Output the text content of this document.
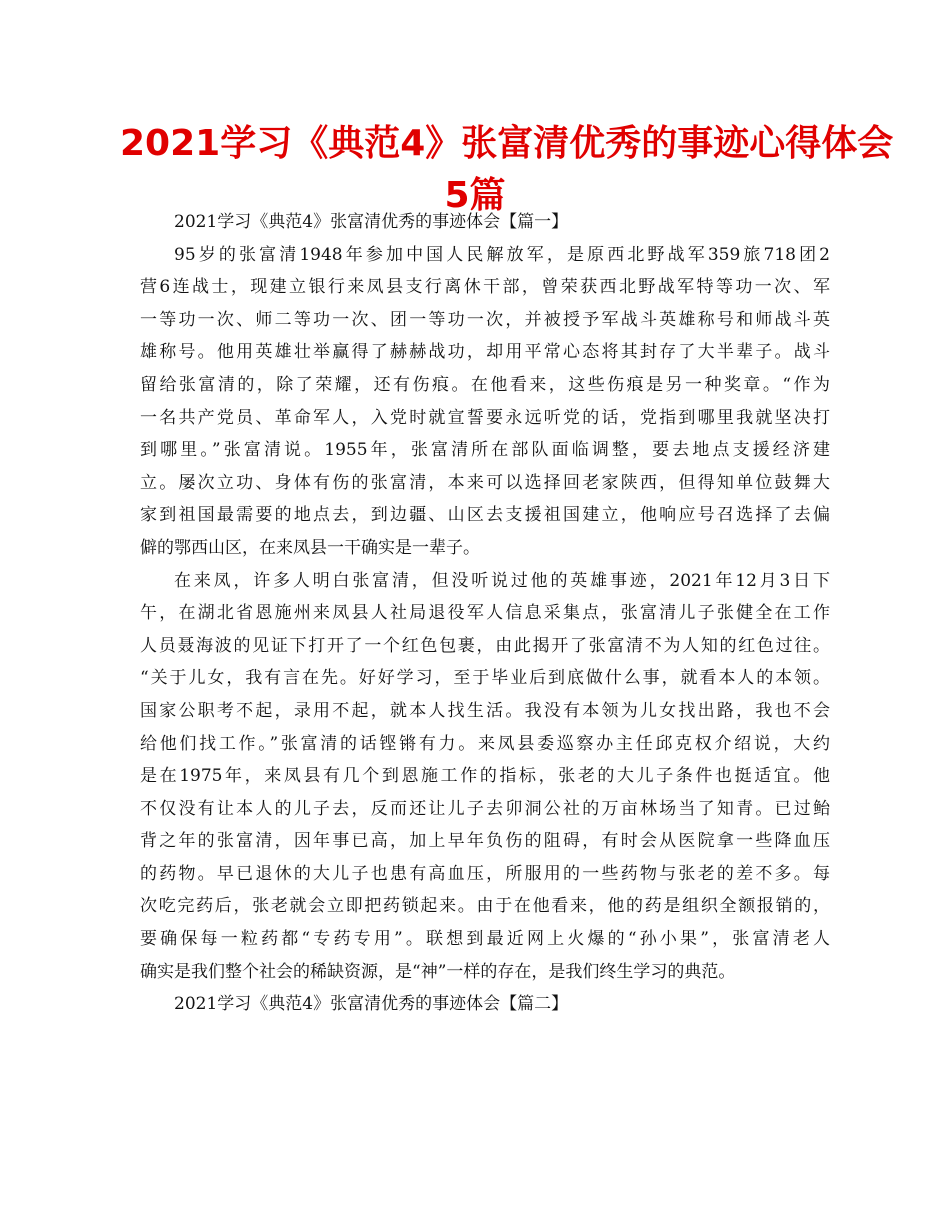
2021学习《典范4》张富清优秀的事迹心得体会
5篇
2021学习《典范4》张富清优秀的事迹体会【篇一】
95岁的张富清1948年参加中国人民解放军，是原西北野战军359旅718团2
营6连战士，现建立银行来凤县支行离休干部，曾荣获西北野战军特等功一次、军
一等功一次、师二等功一次、团一等功一次，并被授予军战斗英雄称号和师战斗英
雄称号。他用英雄壮举赢得了赫赫战功，却用平常心态将其封存了大半辈子。战斗
留给张富清的，除了荣耀，还有伤痕。在他看来，这些伤痕是另一种奖章。“作为
一名共产党员、革命军人，入党时就宣誓要永远听党的话，党指到哪里我就坚决打
到哪里。”张富清说。1955年，张富清所在部队面临调整，要去地点支援经济建
立。屡次立功、身体有伤的张富清，本来可以选择回老家陕西，但得知单位鼓舞大
家到祖国最需要的地点去，到边疆、山区去支援祖国建立，他响应号召选择了去偏
僻的鄂西山区，在来凤县一干确实是一辈子。
在来凤，许多人明白张富清，但没听说过他的英雄事迹，2021年12月3日下
午，在湖北省恩施州来凤县人社局退役军人信息采集点，张富清儿子张健全在工作
人员聂海波的见证下打开了一个红色包裹，由此揭开了张富清不为人知的红色过往。
“关于儿女，我有言在先。好好学习，至于毕业后到底做什么事，就看本人的本领。
国家公职考不起，录用不起，就本人找生活。我没有本领为儿女找出路，我也不会
给他们找工作。”张富清的话铿锵有力。来凤县委巡察办主任邱克权介绍说，大约
是在1975年，来凤县有几个到恩施工作的指标，张老的大儿子条件也挺适宜。他
不仅没有让本人的儿子去，反而还让儿子去卯洞公社的万亩林场当了知青。已过鲐
背之年的张富清，因年事已高，加上早年负伤的阻碍，有时会从医院拿一些降血压
的药物。早已退休的大儿子也患有高血压，所服用的一些药物与张老的差不多。每
次吃完药后，张老就会立即把药锁起来。由于在他看来，他的药是组织全额报销的，
要确保每一粒药都“专药专用”。联想到最近网上火爆的“孙小果”，张富清老人
确实是我们整个社会的稀缺资源，是“神”一样的存在，是我们终生学习的典范。
2021学习《典范4》张富清优秀的事迹体会【篇二】
